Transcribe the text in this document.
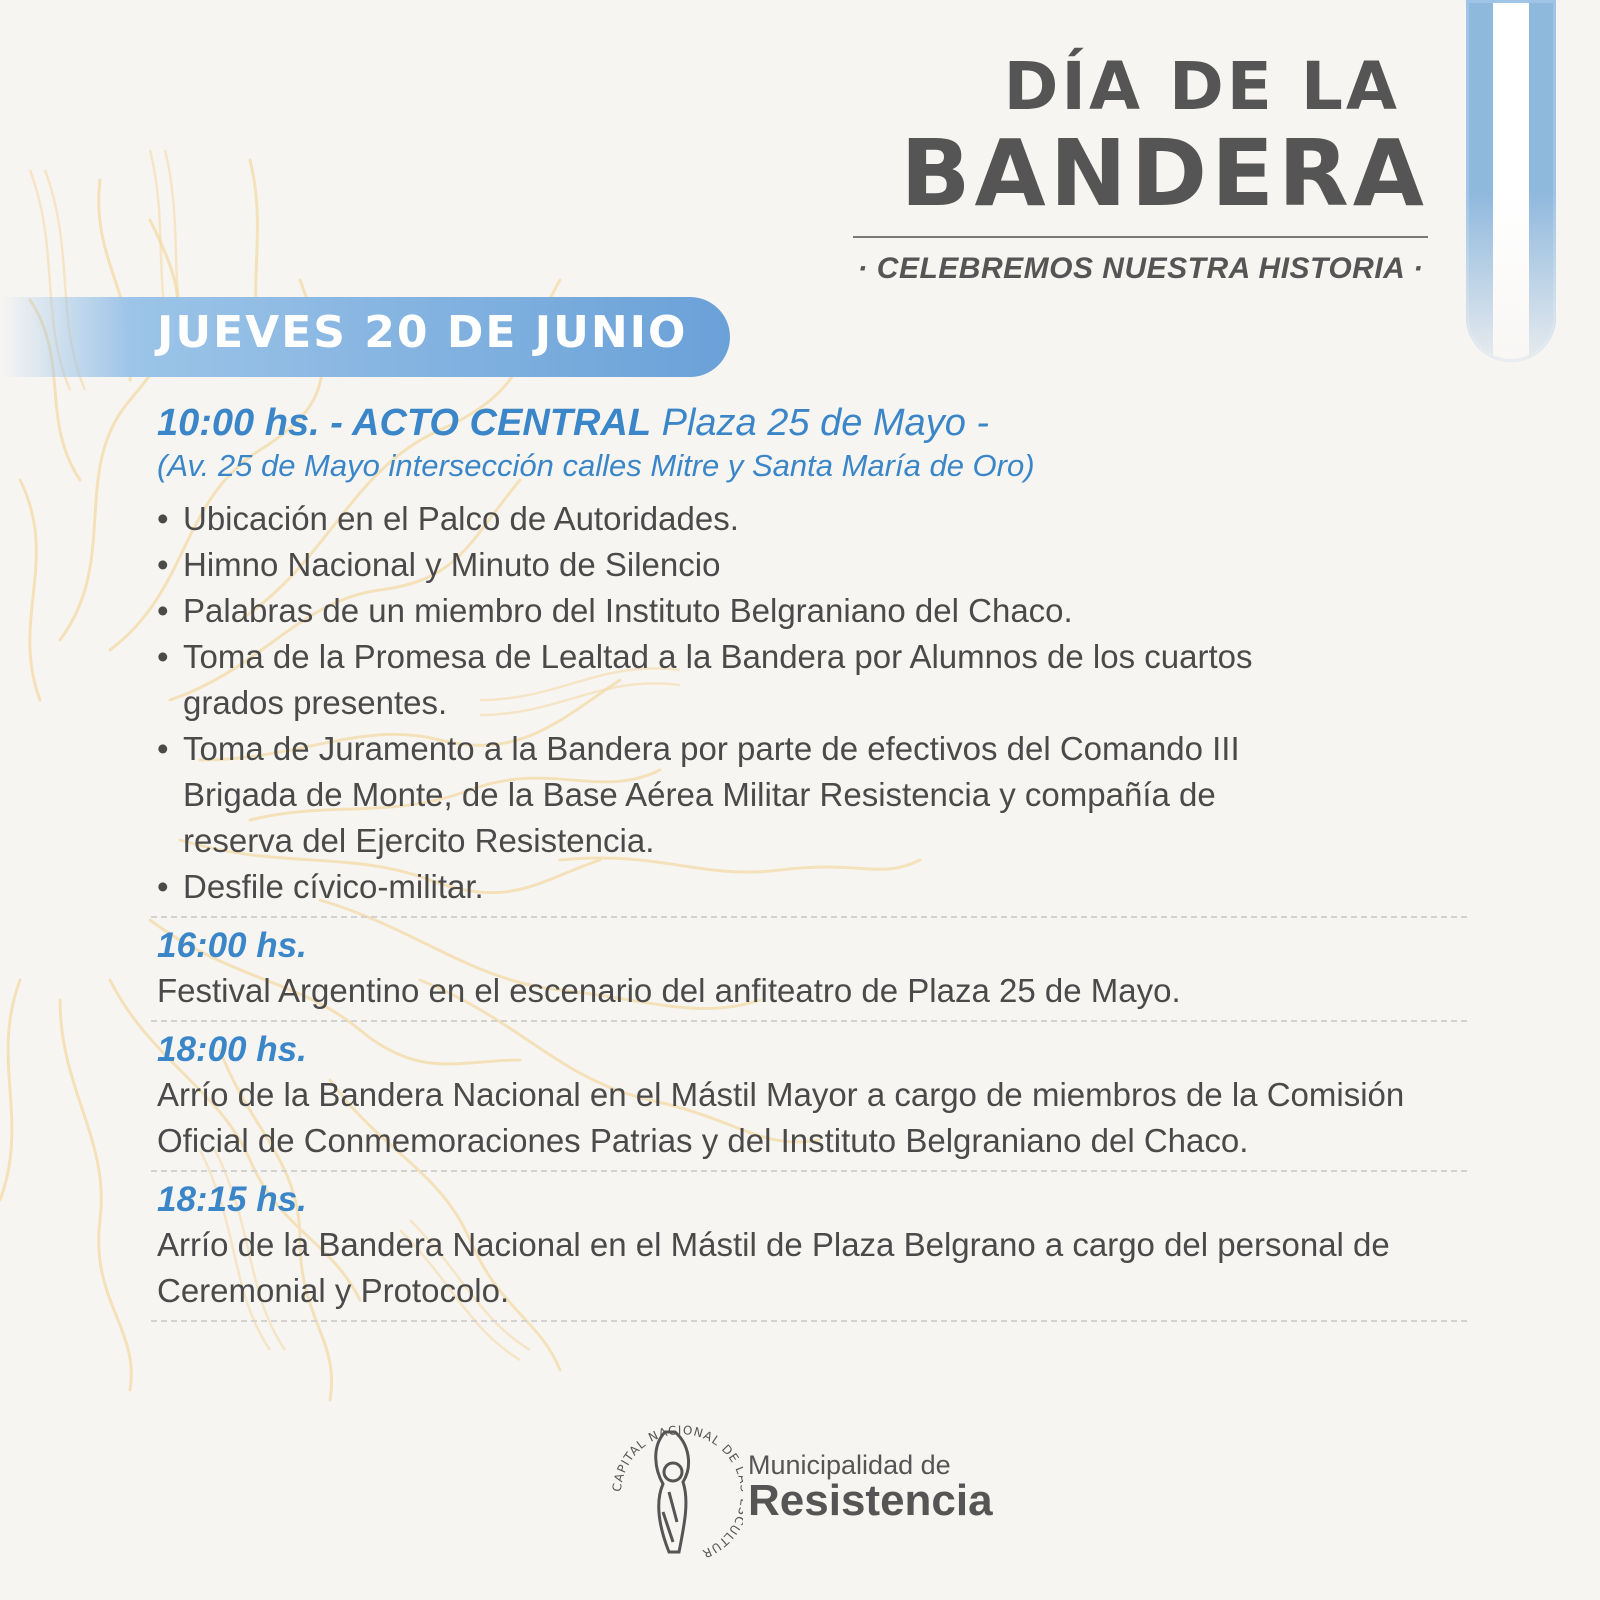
DÍA DE LA
BANDERA
· CELEBREMOS NUESTRA HISTORIA ·
JUEVES 20 DE JUNIO
10:00 hs. - ACTO CENTRAL Plaza 25 de Mayo -
(Av. 25 de Mayo intersección calles Mitre y Santa María de Oro)
• Ubicación en el Palco de Autoridades.
• Himno Nacional y Minuto de Silencio
• Palabras de un miembro del Instituto Belgraniano del Chaco.
• Toma de la Promesa de Lealtad a la Bandera por Alumnos de los cuartos
grados presentes.
• Toma de Juramento a la Bandera por parte de efectivos del Comando III
Brigada de Monte, de la Base Aérea Militar Resistencia y compañía de
reserva del Ejercito Resistencia.
• Desfile cívico-militar.
16:00 hs.
Festival Argentino en el escenario del anfiteatro de Plaza 25 de Mayo.
18:00 hs.
Arrío de la Bandera Nacional en el Mástil Mayor a cargo de miembros de la Comisión Oficial de Conmemoraciones Patrias y del Instituto Belgraniano del Chaco.
18:15 hs.
Arrío de la Bandera Nacional en el Mástil de Plaza Belgrano a cargo del personal de Ceremonial y Protocolo.
CAPITAL NACIONAL DE ULTUR
Municipalidad de
Resistencia
